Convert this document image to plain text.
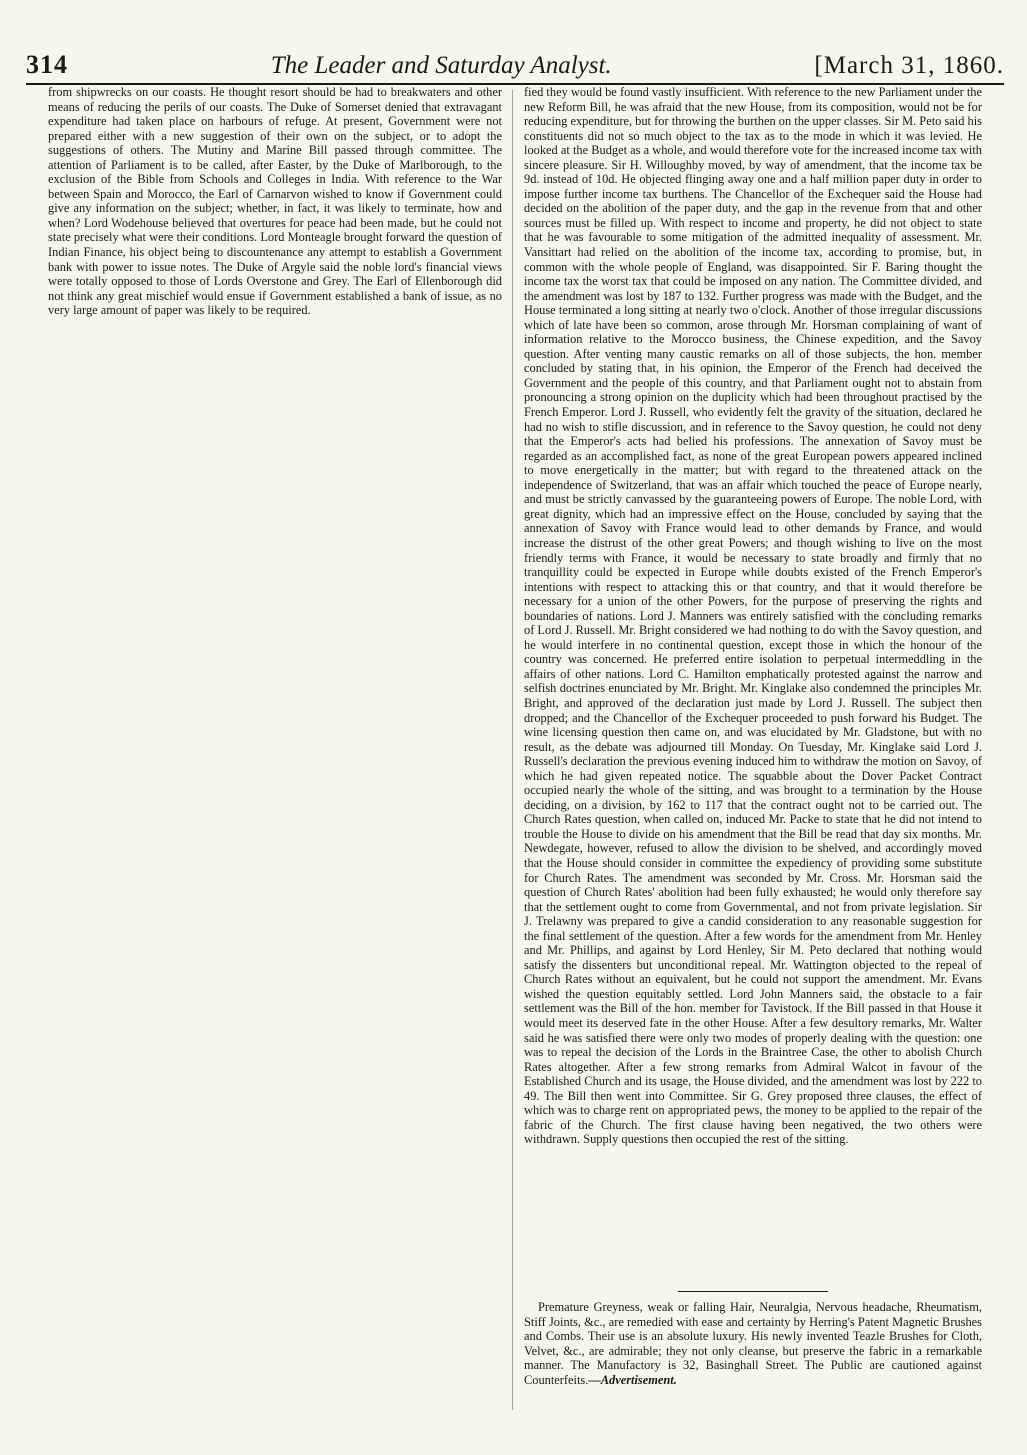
314	The Leader and Saturday Analyst.	[March 31, 1860.

from shipwrecks on our coasts. He thought resort should be had to breakwaters and other means of reducing the perils of our coasts. The Duke of Somerset denied that extravagant expenditure had taken place on harbours of refuge. At present, Government were not prepared either with a new suggestion of their own on the subject, or to adopt the suggestions of others. The Mutiny and Marine Bill passed through committee. The attention of Parliament is to be called, after Easter, by the Duke of Marlborough, to the exclusion of the Bible from Schools and Colleges in India. With reference to the War between Spain and Morocco, the Earl of Carnarvon wished to know if Government could give any information on the subject; whether, in fact, it was likely to terminate, how and when? Lord Wodehouse believed that overtures for peace had been made, but he could not state precisely what were their conditions. Lord Monteagle brought forward the question of Indian Finance, his object being to discountenance any attempt to establish a Government bank with power to issue notes. The Duke of Argyle said the noble lord's financial views were totally opposed to those of Lords Overstone and Grey. The Earl of Ellenborough did not think any great mischief would ensue if Government established a bank of issue, as no very large amount of paper was likely to be required.

fied they would be found vastly insufficient. With reference to the new Parliament under the new Reform Bill, he was afraid that the new House, from its composition, would not be for reducing expenditure, but for throwing the burthen on the upper classes. Sir M. Peto said his constituents did not so much object to the tax as to the mode in which it was levied. He looked at the Budget as a whole, and would therefore vote for the increased income tax with sincere pleasure. Sir H. Willoughby moved, by way of amendment, that the income tax be 9d. instead of 10d. He objected flinging away one and a half million paper duty in order to impose further income tax burthens. The Chancellor of the Exchequer said the House had decided on the abolition of the paper duty, and the gap in the revenue from that and other sources must be filled up. With respect to income and property, he did not object to state that he was favourable to some mitigation of the admitted inequality of assessment. Mr. Vansittart had relied on the abolition of the income tax, according to promise, but, in common with the whole people of England, was disappointed. Sir F. Baring thought the income tax the worst tax that could be imposed on any nation. The Committee divided, and the amendment was lost by 187 to 132. Further progress was made with the Budget, and the House terminated a long sitting at nearly two o'clock. Another of those irregular discussions which of late have been so common, arose through Mr. Horsman complaining of want of information relative to the Morocco business, the Chinese expedition, and the Savoy question. After venting many caustic remarks on all of those subjects, the hon. member concluded by stating that, in his opinion, the Emperor of the French had deceived the Government and the people of this country, and that Parliament ought not to abstain from pronouncing a strong opinion on the duplicity which had been throughout practised by the French Emperor. Lord J. Russell, who evidently felt the gravity of the situation, declared he had no wish to stifle discussion, and in reference to the Savoy question, he could not deny that the Emperor's acts had belied his professions. The annexation of Savoy must be regarded as an accomplished fact, as none of the great European powers appeared inclined to move energetically in the matter; but with regard to the threatened attack on the independence of Switzerland, that was an affair which touched the peace of Europe nearly, and must be strictly canvassed by the guaranteeing powers of Europe. The noble Lord, with great dignity, which had an impressive effect on the House, concluded by saying that the annexation of Savoy with France would lead to other demands by France, and would increase the distrust of the other great Powers; and though wishing to live on the most friendly terms with France, it would be necessary to state broadly and firmly that no tranquillity could be expected in Europe while doubts existed of the French Emperor's intentions with respect to attacking this or that country, and that it would therefore be necessary for a union of the other Powers, for the purpose of preserving the rights and boundaries of nations. Lord J. Manners was entirely satisfied with the concluding remarks of Lord J. Russell. Mr. Bright considered we had nothing to do with the Savoy question, and he would interfere in no continental question, except those in which the honour of the country was concerned. He preferred entire isolation to perpetual intermeddling in the affairs of other nations. Lord C. Hamilton emphatically protested against the narrow and selfish doctrines enunciated by Mr. Bright. Mr. Kinglake also condemned the principles Mr. Bright, and approved of the declaration just made by Lord J. Russell. The subject then dropped; and the Chancellor of the Exchequer proceeded to push forward his Budget. The wine licensing question then came on, and was elucidated by Mr. Gladstone, but with no result, as the debate was adjourned till Monday. On Tuesday, Mr. Kinglake said Lord J. Russell's declaration the previous evening induced him to withdraw the motion on Savoy, of which he had given repeated notice. The squabble about the Dover Packet Contract occupied nearly the whole of the sitting, and was brought to a termination by the House deciding, on a division, by 162 to 117 that the contract ought not to be carried out. The Church Rates question, when called on, induced Mr. Packe to state that he did not intend to trouble the House to divide on his amendment that the Bill be read that day six months. Mr. Newdegate, however, refused to allow the division to be shelved, and accordingly moved that the House should consider in committee the expediency of providing some substitute for Church Rates. The amendment was seconded by Mr. Cross. Mr. Horsman said the question of Church Rates' abolition had been fully exhausted; he would only therefore say that the settlement ought to come from Governmental, and not from private legislation. Sir J. Trelawny was prepared to give a candid consideration to any reasonable suggestion for the final settlement of the question. After a few words for the amendment from Mr. Henley and Mr. Phillips, and against by Lord Henley, Sir M. Peto declared that nothing would satisfy the dissenters but unconditional repeal. Mr. Wattington objected to the repeal of Church Rates without an equivalent, but he could not support the amendment. Mr. Evans wished the question equitably settled. Lord John Manners said, the obstacle to a fair settlement was the Bill of the hon. member for Tavistock. If the Bill passed in that House it would meet its deserved fate in the other House. After a few desultory remarks, Mr. Walter said he was satisfied there were only two modes of properly dealing with the question: one was to repeal the decision of the Lords in the Braintree Case, the other to abolish Church Rates altogether. After a few strong remarks from Admiral Walcot in favour of the Established Church and its usage, the House divided, and the amendment was lost by 222 to 49. The Bill then went into Committee. Sir G. Grey proposed three clauses, the effect of which was to charge rent on appropriated pews, the money to be applied to the repair of the fabric of the Church. The first clause having been negatived, the two others were withdrawn. Supply questions then occupied the rest of the sitting.

Premature Greyness, weak or falling Hair, Neuralgia, Nervous headache, Rheumatism, Stiff Joints, &c., are remedied with ease and certainty by Herring's Patent Magnetic Brushes and Combs. Their use is an absolute luxury. His newly invented Teazle Brushes for Cloth, Velvet, &c., are admirable; they not only cleanse, but preserve the fabric in a remarkable manner. The Manufactory is 32, Basinghall Street. The Public are cautioned against Counterfeits.—Advertisement.
